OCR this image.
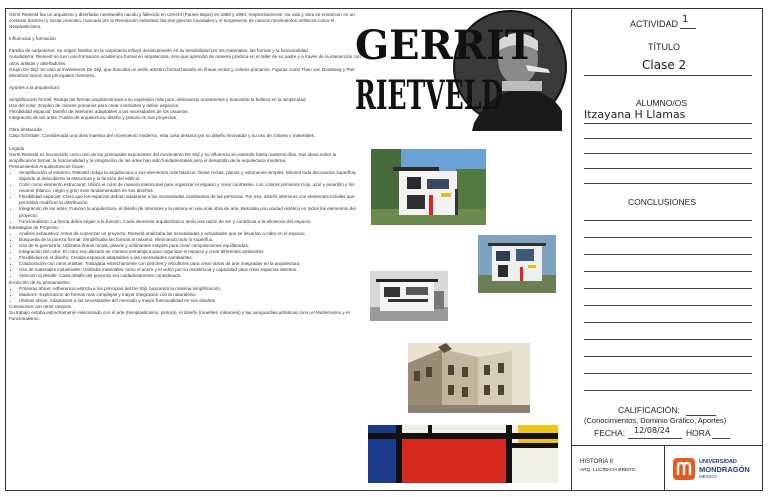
Gerrit Rietveld fue un arquitecto y diseñador neerlandés nacido y fallecido en Utrecht (Países Bajos) en 1888 y 1964, respectivamente. Su vida y obra se enmarcan en un contexto histórico y social convulso, marcado por la Revolución Industrial, las dos guerras mundiales y el surgimiento de nuevos movimientos artísticos como el Neoplasticismo.

Influencias y formación

Familia de carpinteros: Su origen familiar en la carpintería influyó decisivamente en su sensibilidad por los materiales, las formas y la funcionalidad.

Autodidacta: Rietveld no tuvo una formación académica formal en arquitectura, sino que aprendió de manera práctica en el taller de su padre y a través de la interacción con otros artistas y diseñadores.

Grupo De Stijl: Se unió al movimiento De Stijl, que buscaba un estilo artístico formal basado en líneas rectas y colores primarios. Figuras como Theo van Doesburg y Piet Mondrian fueron sus principales mentores.

Aportes a la arquitectura

Simplificación formal: Redujo las formas arquitectónicas a su expresión más pura, eliminando ornamentos y buscando la belleza en la simplicidad.

Uso del color: Empleo de colores primarios para crear contrastes y definir espacios.

Flexibilidad espacial: Diseño de interiores adaptables a las necesidades de los usuarios.

Integración de las artes: Fusión de arquitectura, diseño y pintura en sus proyectos.

Obra destacada

Casa Schröder: Considerada una obra maestra del movimiento moderno, esta casa destaca por su diseño innovador y su uso de colores y materiales.

Legado

Gerrit Rietveld es reconocido como uno de los principales exponentes del movimiento De Stijl y su influencia se extiende hasta nuestros días. Sus ideas sobre la simplificación formal, la funcionalidad y la integración de las artes han sido fundamentales para el desarrollo de la arquitectura moderna.

Pensamientos Arquitectónicos Clave:

• Simplificación al extremo: Rietveld redujo la arquitectura a sus elementos más básicos: líneas rectas, planos y volúmenes simples. Eliminó toda decoración superflua, dejando al descubierto la estructura y la función del edificio.
• Color como elemento estructural: Utilizó el color de manera intencional para organizar el espacio y crear contrastes. Los colores primarios (rojo, azul y amarillo) y los neutros (blanco, negro y gris) eran fundamentales en sus diseños.
• Flexibilidad espacial: Creía que los espacios debían adaptarse a las necesidades cambiantes de las personas. Por eso, diseñó interiores con elementos móviles que permitían modificar la distribución.
• Integración de las artes: Fusionó la arquitectura, el diseño de interiores y la pintura en una sola obra de arte. Buscaba una unidad estética en todos los elementos del proyecto.
• Funcionalismo: La forma debía seguir a la función. Cada elemento arquitectónico tenía una razón de ser y contribuía a la eficiencia del espacio.

Estrategias de Proyecto:

• Análisis exhaustivo: Antes de comenzar un proyecto, Rietveld analizaba las necesidades y actividades que se llevarían a cabo en el espacio.
• Búsqueda de la pureza formal: Simplificaba las formas al máximo, eliminando todo lo superfluo.
• Uso de la geometría: Utilizaba líneas rectas, planos y volúmenes simples para crear composiciones equilibradas.
• Integración del color: El color era utilizado de manera estratégica para organizar el espacio y crear diferentes ambientes.
• Flexibilidad en el diseño: Creaba espacios adaptables a las necesidades cambiantes.
• Colaboración con otros artistas: Trabajaba estrechamente con pintores y escultores para crear obras de arte integradas en la arquitectura.
• Uso de materiales industriales: Utilizaba materiales como el acero y el vidrio por su resistencia y capacidad para crear espacios abiertos.
• Atención al detalle: Cada detalle del proyecto era cuidadosamente considerado.

Evolución de su pensamiento:

• Primeras obras: Adherencia estricta a los principios del De Stijl, buscando la máxima simplificación.
• Madurez: Exploración de formas más complejas y mayor integración con la naturaleza.
• Últimas obras: Adaptación a las necesidades del mercado y mayor funcionalidad en sus diseños.

Conexiones con otros campos:

Su trabajo estaba estrechamente relacionado con el arte (Neoplasticismo, pintura), el diseño (muebles, interiores) y las vanguardias artísticas como el Modernismo y el Funcionalismo.

GERRIT
RIETVELD
ACTIVIDAD 1
TÍTULO
Clase 2
ALUMNO/OS
Itzayana H Llamas
CONCLUSIONES
CALIFICACIÓN:
(Conocimientos, Dominio Gráfico, Aportes)
FECHA: 12/08/24 HORA
HISTORIA II
ARQ. LUCRECIA BRERO
UNIVERSIDAD
MONDRAGÓN
MÉXICO
